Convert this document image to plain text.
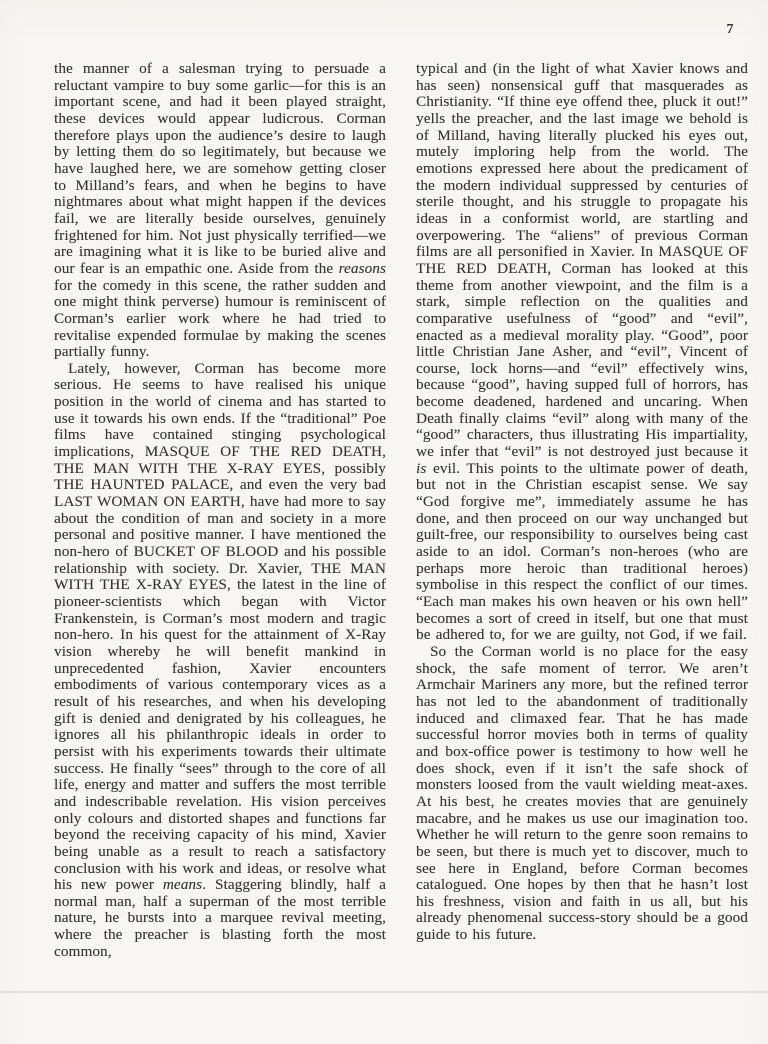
7

the manner of a salesman trying to persuade a reluctant vampire to buy some garlic—for this is an important scene, and had it been played straight, these devices would appear ludicrous. Corman therefore plays upon the audience’s desire to laugh by letting them do so legitimately, but because we have laughed here, we are somehow getting closer to Milland’s fears, and when he begins to have nightmares about what might happen if the devices fail, we are literally beside ourselves, genuinely frightened for him. Not just physically terrified—we are imagining what it is like to be buried alive and our fear is an empathic one. Aside from the reasons for the comedy in this scene, the rather sudden and one might think perverse) humour is reminiscent of Corman’s earlier work where he had tried to revitalise expended formulae by making the scenes partially funny.

Lately, however, Corman has become more serious. He seems to have realised his unique position in the world of cinema and has started to use it towards his own ends. If the “traditional” Poe films have contained stinging psychological implications, MASQUE OF THE RED DEATH, THE MAN WITH THE X-RAY EYES, possibly THE HAUNTED PALACE, and even the very bad LAST WOMAN ON EARTH, have had more to say about the condition of man and society in a more personal and positive manner. I have mentioned the non-hero of BUCKET OF BLOOD and his possible relationship with society. Dr. Xavier, THE MAN WITH THE X-RAY EYES, the latest in the line of pioneer-scientists which began with Victor Frankenstein, is Corman’s most modern and tragic non-hero. In his quest for the attainment of X-Ray vision whereby he will benefit mankind in unprecedented fashion, Xavier encounters embodiments of various contemporary vices as a result of his researches, and when his developing gift is denied and denigrated by his colleagues, he ignores all his philanthropic ideals in order to persist with his experiments towards their ultimate success. He finally “sees” through to the core of all life, energy and matter and suffers the most terrible and indescribable revelation. His vision perceives only colours and distorted shapes and functions far beyond the receiving capacity of his mind, Xavier being unable as a result to reach a satisfactory conclusion with his work and ideas, or resolve what his new power means. Staggering blindly, half a normal man, half a superman of the most terrible nature, he bursts into a marquee revival meeting, where the preacher is blasting forth the most common,

typical and (in the light of what Xavier knows and has seen) nonsensical guff that masquerades as Christianity. “If thine eye offend thee, pluck it out!” yells the preacher, and the last image we behold is of Milland, having literally plucked his eyes out, mutely imploring help from the world. The emotions expressed here about the predicament of the modern individual suppressed by centuries of sterile thought, and his struggle to propagate his ideas in a conformist world, are startling and overpowering. The “aliens” of previous Corman films are all personified in Xavier. In MASQUE OF THE RED DEATH, Corman has looked at this theme from another viewpoint, and the film is a stark, simple reflection on the qualities and comparative usefulness of “good” and “evil”, enacted as a medieval morality play. “Good”, poor little Christian Jane Asher, and “evil”, Vincent of course, lock horns—and “evil” effectively wins, because “good”, having supped full of horrors, has become deadened, hardened and uncaring. When Death finally claims “evil” along with many of the “good” characters, thus illustrating His impartiality, we infer that “evil” is not destroyed just because it is evil. This points to the ultimate power of death, but not in the Christian escapist sense. We say “God forgive me”, immediately assume he has done, and then proceed on our way unchanged but guilt-free, our responsibility to ourselves being cast aside to an idol. Corman’s non-heroes (who are perhaps more heroic than traditional heroes) symbolise in this respect the conflict of our times. “Each man makes his own heaven or his own hell” becomes a sort of creed in itself, but one that must be adhered to, for we are guilty, not God, if we fail.

So the Corman world is no place for the easy shock, the safe moment of terror. We aren’t Armchair Mariners any more, but the refined terror has not led to the abandonment of traditionally induced and climaxed fear. That he has made successful horror movies both in terms of quality and box-office power is testimony to how well he does shock, even if it isn’t the safe shock of monsters loosed from the vault wielding meat-axes. At his best, he creates movies that are genuinely macabre, and he makes us use our imagination too. Whether he will return to the genre soon remains to be seen, but there is much yet to discover, much to see here in England, before Corman becomes catalogued. One hopes by then that he hasn’t lost his freshness, vision and faith in us all, but his already phenomenal success-story should be a good guide to his future.
